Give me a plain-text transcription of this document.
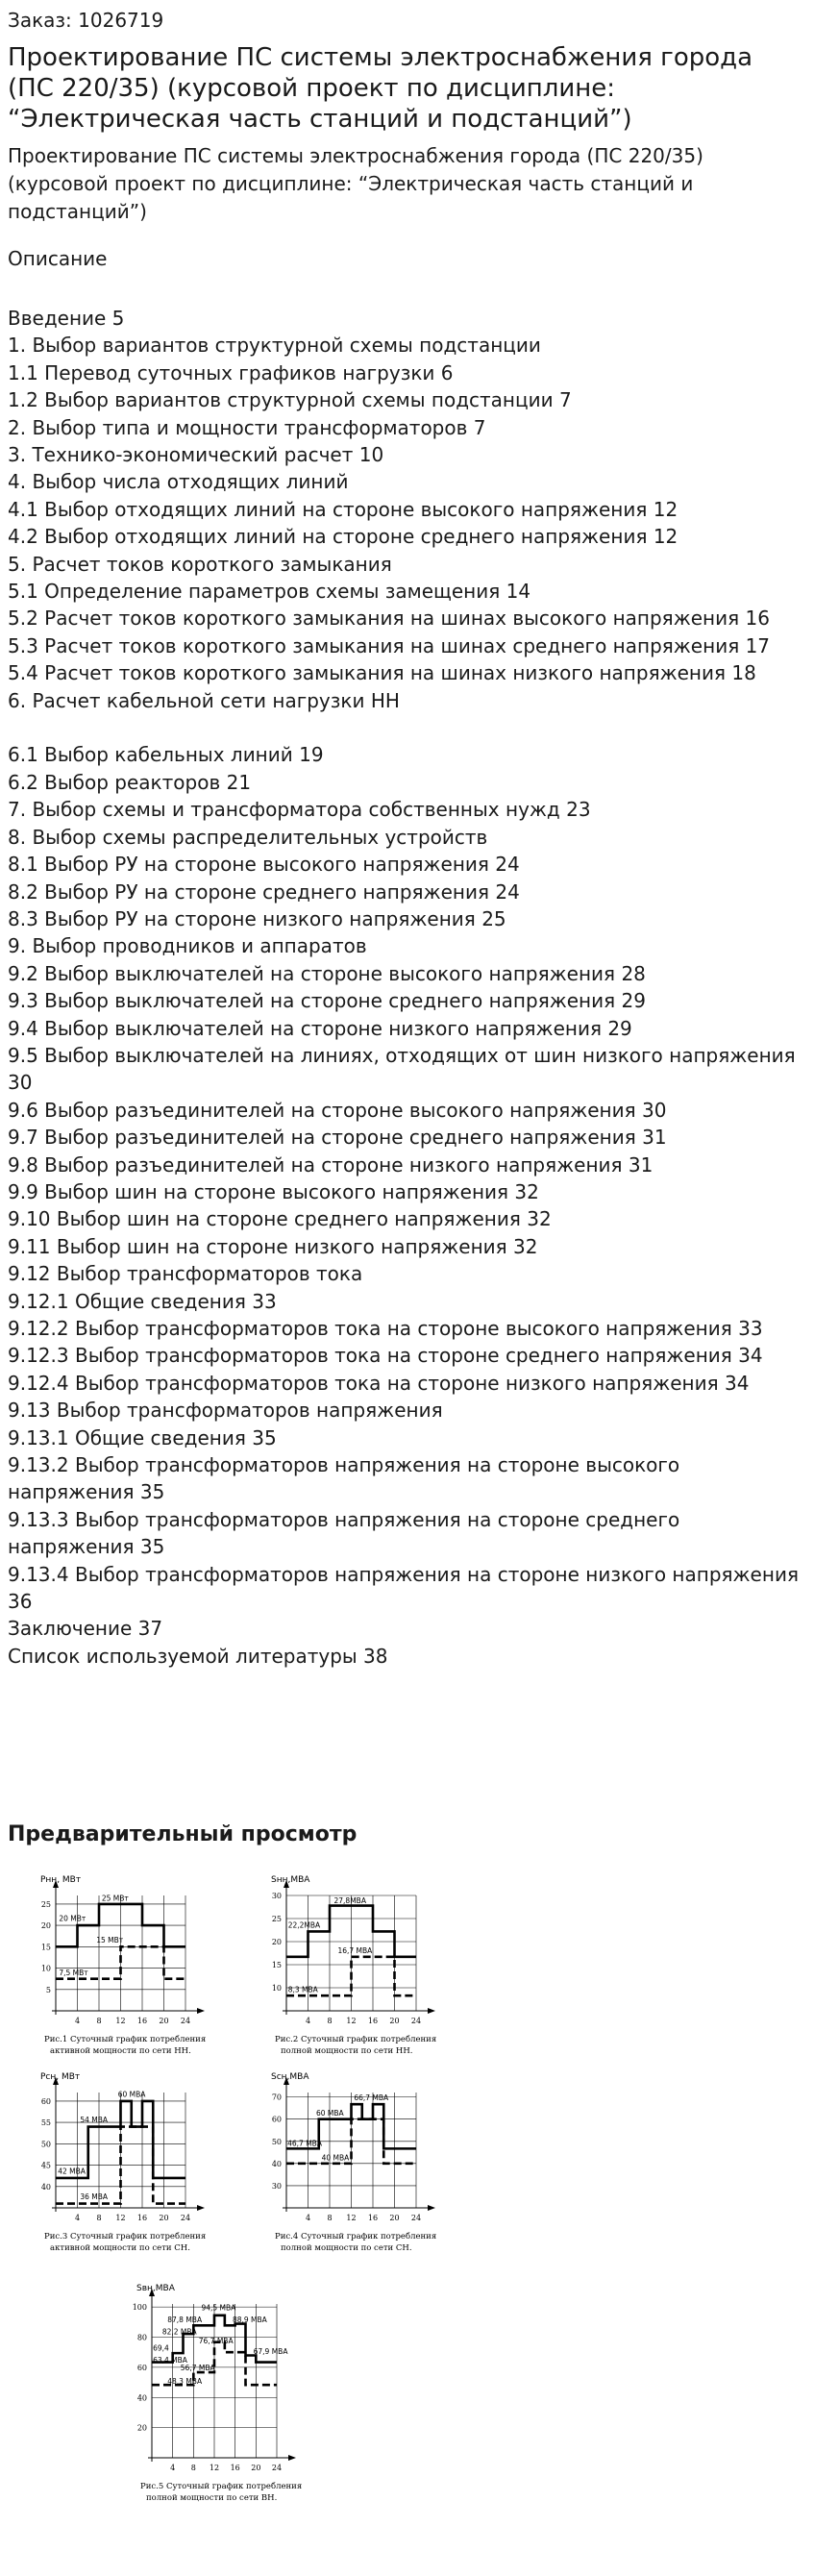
Заказ: 1026719
Проектирование ПС системы электроснабжения города (ПС 220/35) (курсовой проект по дисциплине: “Электрическая часть станций и подстанций”)
Проектирование ПС системы электроснабжения города (ПС 220/35) (курсовой проект по дисциплине: “Электрическая часть станций и подстанций”)
Описание
Введение 5
1. Выбор вариантов структурной схемы подстанции
1.1 Перевод суточных графиков нагрузки 6
1.2 Выбор вариантов структурной схемы подстанции 7
2. Выбор типа и мощности трансформаторов 7
3. Технико-экономический расчет 10
4. Выбор числа отходящих линий
4.1 Выбор отходящих линий на стороне высокого напряжения 12
4.2 Выбор отходящих линий на стороне среднего напряжения 12
5. Расчет токов короткого замыкания
5.1 Определение параметров схемы замещения 14
5.2 Расчет токов короткого замыкания на шинах высокого напряжения 16
5.3 Расчет токов короткого замыкания на шинах среднего напряжения 17
5.4 Расчет токов короткого замыкания на шинах низкого напряжения 18
6. Расчет кабельной сети нагрузки НН
6.1 Выбор кабельных линий 19
6.2 Выбор реакторов 21
7. Выбор схемы и трансформатора собственных нужд 23
8. Выбор схемы распределительных устройств
8.1 Выбор РУ на стороне высокого напряжения 24
8.2 Выбор РУ на стороне среднего напряжения 24
8.3 Выбор РУ на стороне низкого напряжения 25
9. Выбор проводников и аппаратов
9.2 Выбор выключателей на стороне высокого напряжения 28
9.3 Выбор выключателей на стороне среднего напряжения 29
9.4 Выбор выключателей на стороне низкого напряжения 29
9.5 Выбор выключателей на линиях, отходящих от шин низкого напряжения 30
9.6 Выбор разъединителей на стороне высокого напряжения 30
9.7 Выбор разъединителей на стороне среднего напряжения 31
9.8 Выбор разъединителей на стороне низкого напряжения 31
9.9 Выбор шин на стороне высокого напряжения 32
9.10 Выбор шин на стороне среднего напряжения 32
9.11 Выбор шин на стороне низкого напряжения 32
9.12 Выбор трансформаторов тока
9.12.1 Общие сведения 33
9.12.2 Выбор трансформаторов тока на стороне высокого напряжения 33
9.12.3 Выбор трансформаторов тока на стороне среднего напряжения 34
9.12.4 Выбор трансформаторов тока на стороне низкого напряжения 34
9.13 Выбор трансформаторов напряжения
9.13.1 Общие сведения 35
9.13.2 Выбор трансформаторов напряжения на стороне высокого напряжения 35
9.13.3 Выбор трансформаторов напряжения на стороне среднего напряжения 35
9.13.4 Выбор трансформаторов напряжения на стороне низкого напряжения 36
Заключение 37
Список используемой литературы 38
Предварительный просмотр
4 8 12 16 20 24
5
10
15
20
25
Pнн, МВт
25 МВт
20 МВт
15 МВт
7,5 МВт
Рис.1 Суточный график потребления
активной мощности по сети НН.
4 8 12 16 20 24
10
15
20
25
30
Sнн,МВА
27,8МВА
22,2МВА
16,7 МВА
8,3 МВА
Рис.2 Суточный график потребления
полной мощности по сети НН.
4 8 12 16 20 24
40
45
50
55
60
Pсн, МВт
60 МВА
54 МВА
42 МВА
36 МВА
Рис.3 Суточный график потребления
активной мощности по сети СН.
4 8 12 16 20 24
30
40
50
60
70
Sсн,МВА
66,7 МВА
60 МВА
46,7 МВА
40 МВА
Рис.4 Суточный график потребления
полной мощности по сети СН.
4 8 12 16 20 24
20
40
60
80
100
Sвн,МВА
94,5 МВА
87,8 МВА	88,9 МВА
82,2 МВА
76,7 МВА
69,4
63,4 МВА
67,9 МВА
56,7 МВА
48,3 МВА
Рис.5 Суточный график потребления
полной мощности по сети ВН.
